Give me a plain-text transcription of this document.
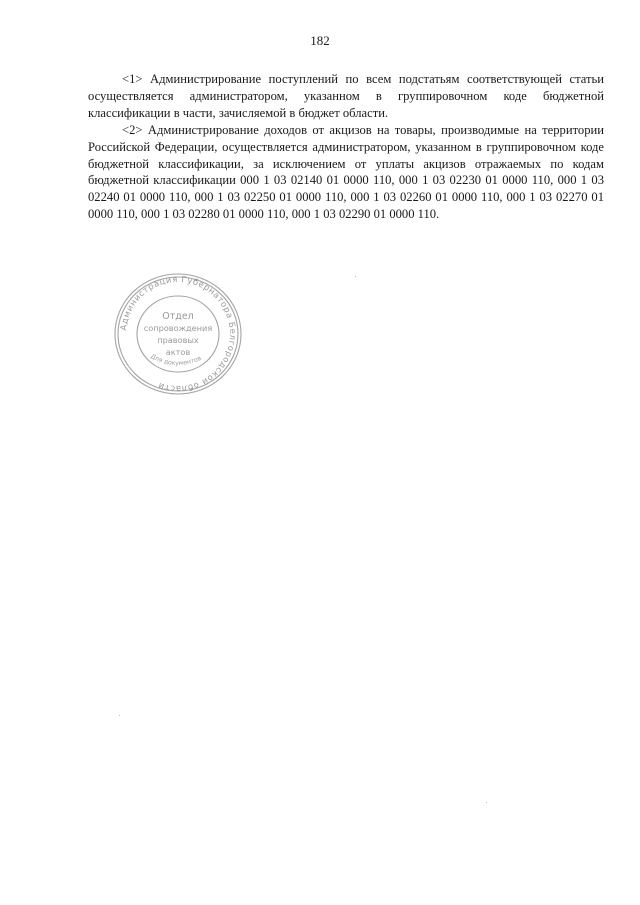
182

<1> Администрирование поступлений по всем подстатьям соответствующей статьи осуществляется администратором, указанном в группировочном коде бюджетной классификации в части, зачисляемой в бюджет области.

<2> Администрирование доходов от акцизов на товары, производимые на территории Российской Федерации, осуществляется администратором, указанном в группировочном коде бюджетной классификации, за исключением от уплаты акцизов отражаемых по кодам бюджетной классификации 000 1 03 02140 01 0000 110, 000 1 03 02230 01 0000 110, 000 1 03 02240 01 0000 110, 000 1 03 02250 01 0000 110, 000 1 03 02260 01 0000 110, 000 1 03 02270 01 0000 110, 000 1 03 02280 01 0000 110, 000 1 03 02290 01 0000 110.

Администрация Губернатора Белгородской области
Отдел
сопровождения
правовых
актов
Для документов
